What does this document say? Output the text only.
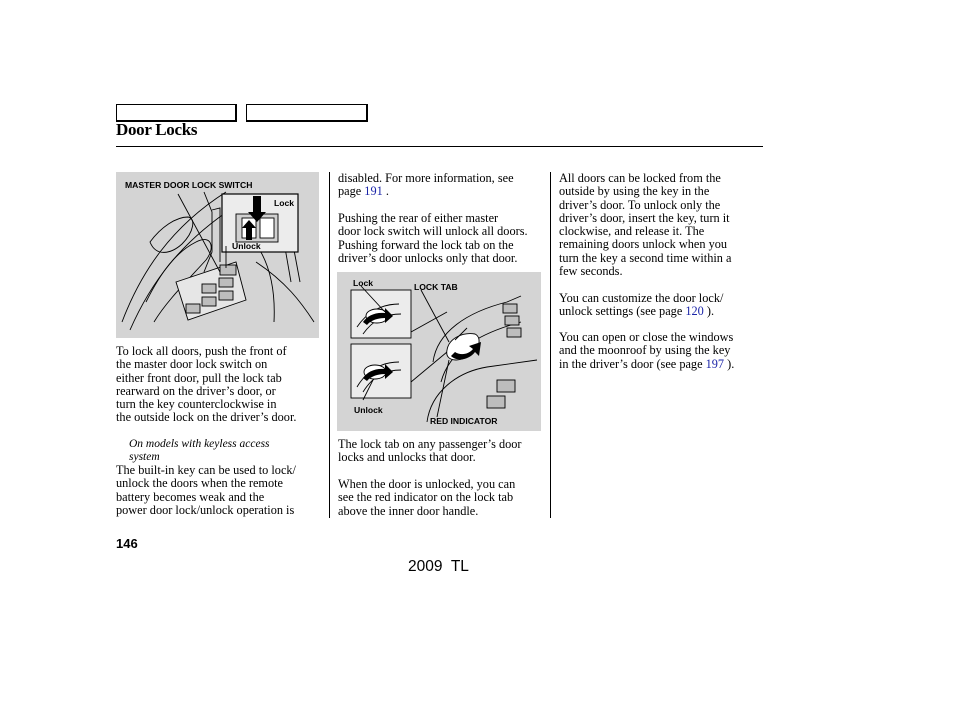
Door Locks
MASTER DOOR LOCK SWITCH
Lock
Unlock
To lock all doors, push the front of
the master door lock switch on
either front door, pull the lock tab
rearward on the driver’s door, or
turn the key counterclockwise in
the outside lock on the driver’s door.
On models with keyless access
system
The built-in key can be used to lock/
unlock the doors when the remote
battery becomes weak and the
power door lock/unlock operation is
disabled. For more information, see
page 191 .
Pushing the rear of either master
door lock switch will unlock all doors.
Pushing forward the lock tab on the
driver’s door unlocks only that door.
Lock	LOCK TAB
Unlock
RED INDICATOR
The lock tab on any passenger’s door
locks and unlocks that door.
When the door is unlocked, you can
see the red indicator on the lock tab
above the inner door handle.
All doors can be locked from the
outside by using the key in the
driver’s door. To unlock only the
driver’s door, insert the key, turn it
clockwise, and release it. The
remaining doors unlock when you
turn the key a second time within a
few seconds.
You can customize the door lock/
unlock settings (see page 120 ).
You can open or close the windows
and the moonroof by using the key
in the driver’s door (see page 197 ).
146
2009  TL
